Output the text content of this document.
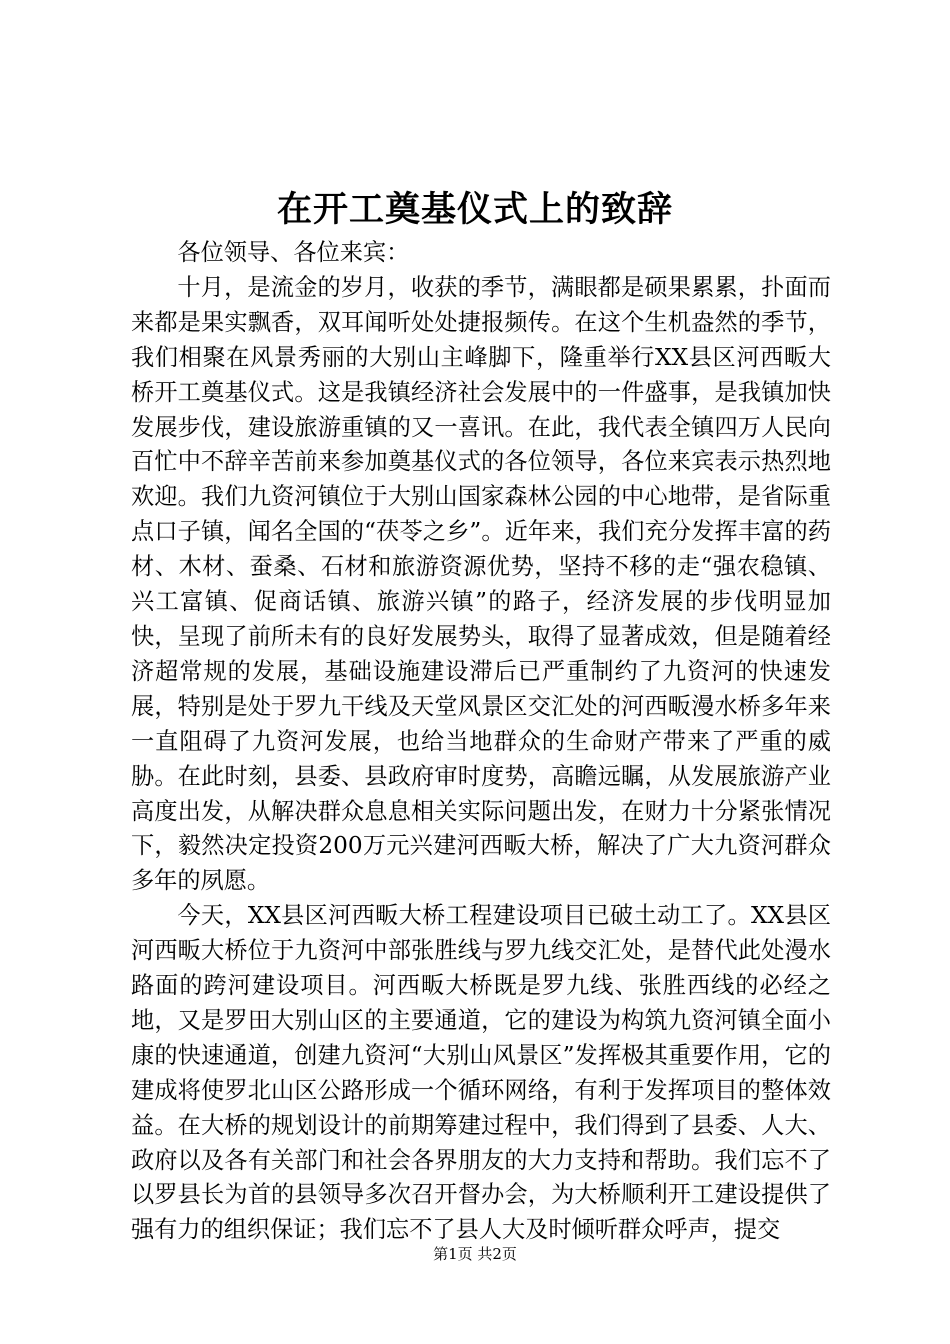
在开工奠基仪式上的致辞

各位领导、各位来宾：

十月，是流金的岁月，收获的季节，满眼都是硕果累累，扑面而来都是果实飘香，双耳闻听处处捷报频传。在这个生机盎然的季节，我们相聚在风景秀丽的大别山主峰脚下，隆重举行XX县区河西畈大桥开工奠基仪式。这是我镇经济社会发展中的一件盛事，是我镇加快发展步伐，建设旅游重镇的又一喜讯。在此，我代表全镇四万人民向百忙中不辞辛苦前来参加奠基仪式的各位领导，各位来宾表示热烈地欢迎。我们九资河镇位于大别山国家森林公园的中心地带，是省际重点口子镇，闻名全国的“茯苓之乡”。近年来，我们充分发挥丰富的药材、木材、蚕桑、石材和旅游资源优势，坚持不移的走“强农稳镇、兴工富镇、促商话镇、旅游兴镇”的路子，经济发展的步伐明显加快，呈现了前所未有的良好发展势头，取得了显著成效，但是随着经济超常规的发展，基础设施建设滞后已严重制约了九资河的快速发展，特别是处于罗九干线及天堂风景区交汇处的河西畈漫水桥多年来一直阻碍了九资河发展，也给当地群众的生命财产带来了严重的威胁。在此时刻，县委、县政府审时度势，高瞻远瞩，从发展旅游产业高度出发，从解决群众息息相关实际问题出发，在财力十分紧张情况下，毅然决定投资200万元兴建河西畈大桥，解决了广大九资河群众多年的夙愿。

今天，XX县区河西畈大桥工程建设项目已破土动工了。XX县区河西畈大桥位于九资河中部张胜线与罗九线交汇处，是替代此处漫水路面的跨河建设项目。河西畈大桥既是罗九线、张胜西线的必经之地，又是罗田大别山区的主要通道，它的建设为构筑九资河镇全面小康的快速通道，创建九资河“大别山风景区”发挥极其重要作用，它的建成将使罗北山区公路形成一个循环网络，有利于发挥项目的整体效益。在大桥的规划设计的前期筹建过程中，我们得到了县委、人大、政府以及各有关部门和社会各界朋友的大力支持和帮助。我们忘不了以罗县长为首的县领导多次召开督办会，为大桥顺利开工建设提供了强有力的组织保证；我们忘不了县人大及时倾听群众呼声，提交

第1页 共2页
